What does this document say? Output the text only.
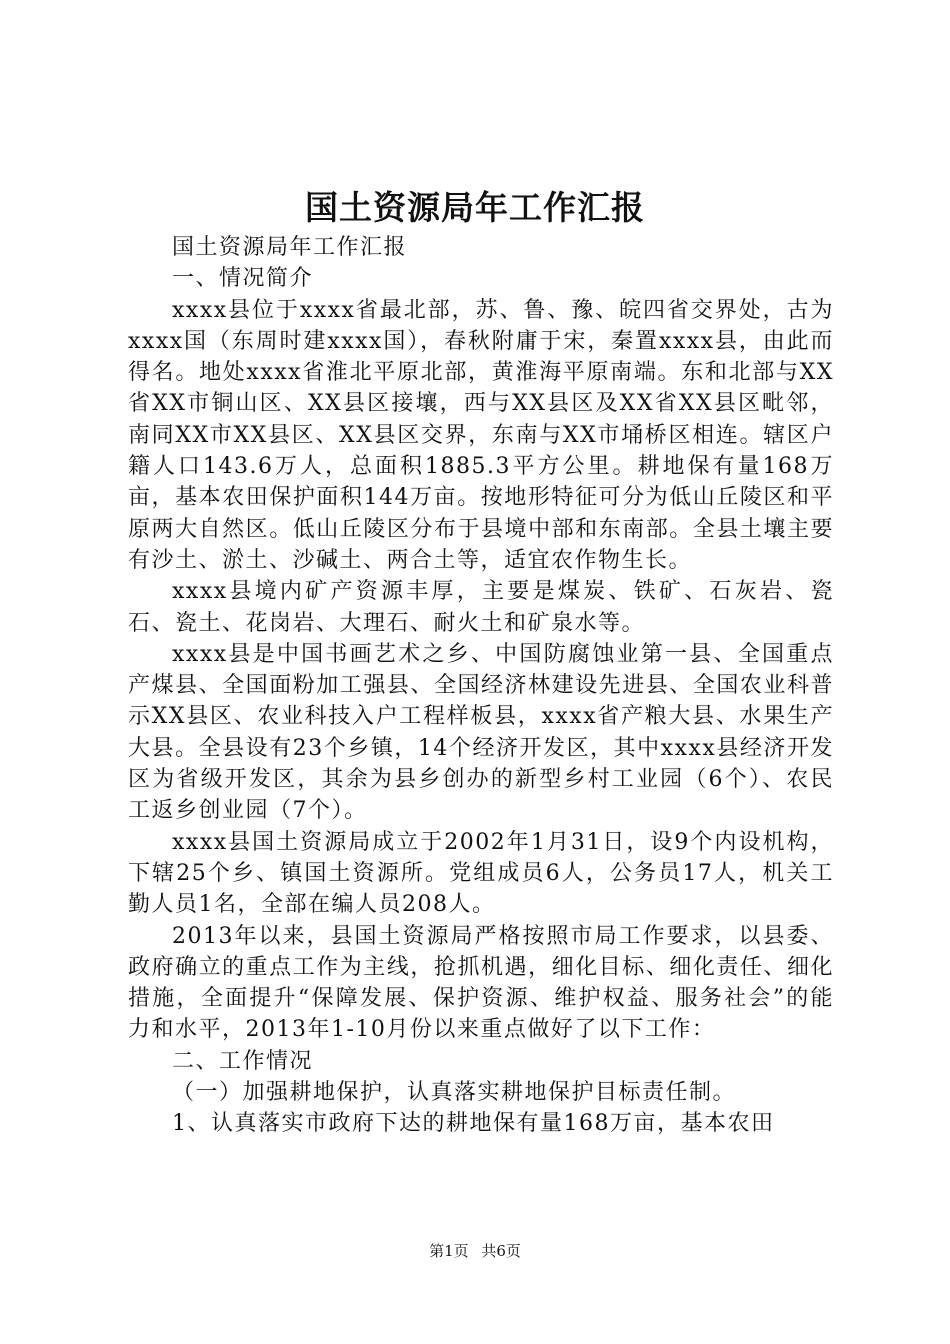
国土资源局年工作汇报

国土资源局年工作汇报

一、情况简介

xxxx县位于xxxx省最北部，苏、鲁、豫、皖四省交界处，古为xxxx国（东周时建xxxx国），春秋附庸于宋，秦置xxxx县，由此而得名。地处xxxx省淮北平原北部，黄淮海平原南端。东和北部与XX省XX市铜山区、XX县区接壤，西与XX县区及XX省XX县区毗邻，南同XX市XX县区、XX县区交界，东南与XX市埇桥区相连。辖区户籍人口143.6万人，总面积1885.3平方公里。耕地保有量168万亩，基本农田保护面积144万亩。按地形特征可分为低山丘陵区和平原两大自然区。低山丘陵区分布于县境中部和东南部。全县土壤主要有沙土、淤土、沙碱土、两合土等，适宜农作物生长。

xxxx县境内矿产资源丰厚，主要是煤炭、铁矿、石灰岩、瓷石、瓷土、花岗岩、大理石、耐火土和矿泉水等。

xxxx县是中国书画艺术之乡、中国防腐蚀业第一县、全国重点产煤县、全国面粉加工强县、全国经济林建设先进县、全国农业科普示XX县区、农业科技入户工程样板县，xxxx省产粮大县、水果生产大县。全县设有23个乡镇，14个经济开发区，其中xxxx县经济开发区为省级开发区，其余为县乡创办的新型乡村工业园（6个）、农民工返乡创业园（7个）。

xxxx县国土资源局成立于2002年1月31日，设9个内设机构，下辖25个乡、镇国土资源所。党组成员6人，公务员17人，机关工勤人员1名，全部在编人员208人。

2013年以来，县国土资源局严格按照市局工作要求，以县委、政府确立的重点工作为主线，抢抓机遇，细化目标、细化责任、细化措施，全面提升“保障发展、保护资源、维护权益、服务社会”的能力和水平，2013年1-10月份以来重点做好了以下工作：

二、工作情况

（一）加强耕地保护，认真落实耕地保护目标责任制。

1、认真落实市政府下达的耕地保有量168万亩，基本农田

第1页 共6页
